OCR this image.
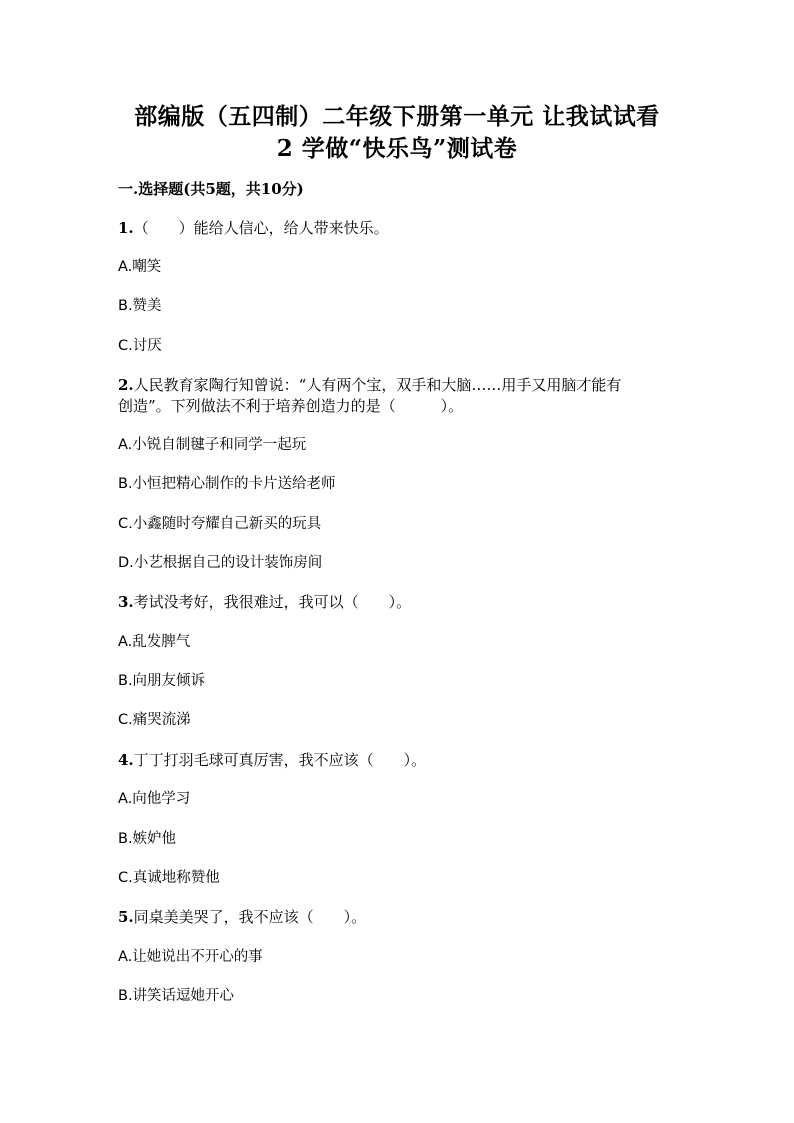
部编版（五四制）二年级下册第一单元 让我试试看
2 学做“快乐鸟”测试卷
一.选择题(共5题，共10分)
1.（　　）能给人信心，给人带来快乐。
A.嘲笑
B.赞美
C.讨厌
2.人民教育家陶行知曾说：“人有两个宝，双手和大脑……用手又用脑才能有
创造”。下列做法不利于培养创造力的是（　　　）。
A.小锐自制毽子和同学一起玩
B.小恒把精心制作的卡片送给老师
C.小鑫随时夸耀自己新买的玩具
D.小艺根据自己的设计装饰房间
3.考试没考好，我很难过，我可以（　　）。
A.乱发脾气
B.向朋友倾诉
C.痛哭流涕
4.丁丁打羽毛球可真厉害，我不应该（　　）。
A.向他学习
B.嫉妒他
C.真诚地称赞他
5.同桌美美哭了，我不应该（　　）。
A.让她说出不开心的事
B.讲笑话逗她开心
